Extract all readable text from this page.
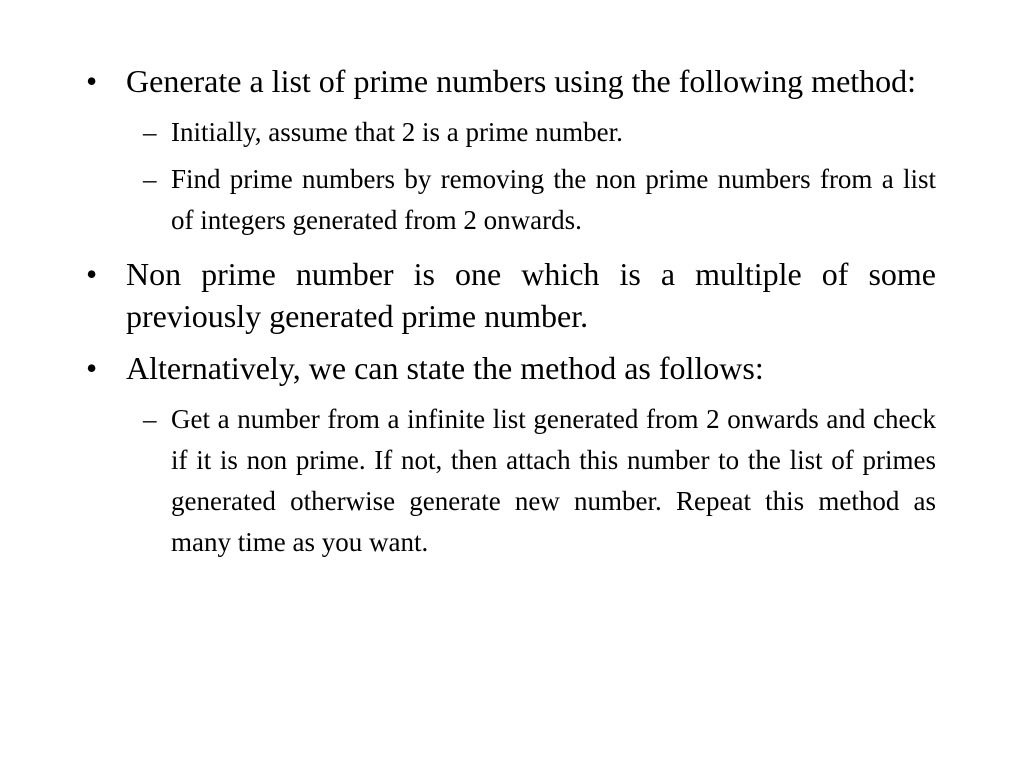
• Generate a list of prime numbers using the following method:
– Initially, assume that 2 is a prime number.
– Find prime numbers by removing the non prime numbers from a list of integers generated from 2 onwards.
• Non prime number is one which is a multiple of some previously generated prime number.
• Alternatively, we can state the method as follows:
– Get a number from a infinite list generated from 2 onwards and check if it is non prime. If not, then attach this number to the list of primes generated otherwise generate new number. Repeat this method as many time as you want.
